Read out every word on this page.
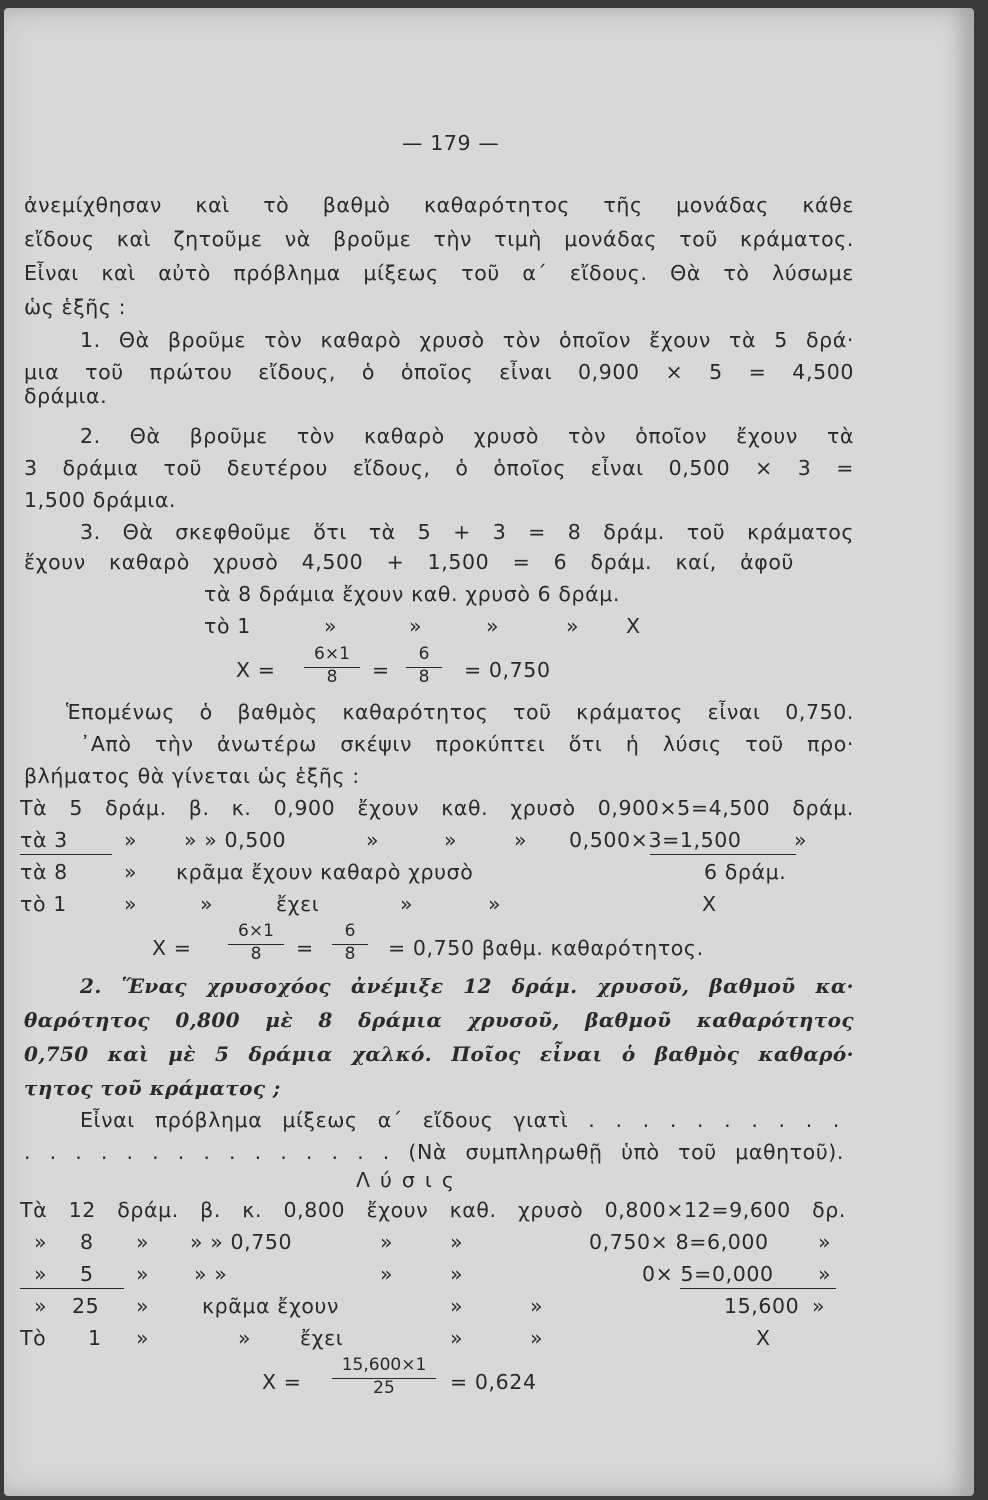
— 179 —
ἀνεμίχθησαν καὶ τὸ βαθμὸ καθαρότητος τῆς μονάδας κάθε
εἴδους καὶ ζητοῦμε νὰ βροῦμε τὴν τιμὴ μονάδας τοῦ κράματος.
Εἶναι καὶ αὐτὸ πρόβλημα μίξεως τοῦ α΄ εἴδους. Θὰ τὸ λύσωμε
ὡς ἑξῆς :
1. Θὰ βροῦμε τὸν καθαρὸ χρυσὸ τὸν ὁποῖον ἔχουν τὰ 5 δρά·
μια τοῦ πρώτου εἴδους, ὁ ὁποῖος εἶναι 0,900 × 5 = 4,500
δράμια.
2. Θὰ βροῦμε τὸν καθαρὸ χρυσὸ τὸν ὁποῖον ἔχουν τὰ
3 δράμια τοῦ δευτέρου εἴδους, ὁ ὁποῖος εἶναι 0,500 × 3 =
1,500 δράμια.
3. Θὰ σκεφθοῦμε ὅτι τὰ 5 + 3 = 8 δράμ. τοῦ κράματος
ἔχουν καθαρὸ χρυσὸ 4,500 + 1,500 = 6 δράμ. καί, ἀφοῦ
τὰ 8 δράμια ἔχουν καθ. χρυσὸ 6 δράμ.
τὸ 1	»	»	»	» X
X =
6×1
8	=
6
8	= 0,750
Ἑπομένως ὁ βαθμὸς καθαρότητος τοῦ κράματος εἶναι 0,750.
᾿Απὸ τὴν ἀνωτέρω σκέψιν προκύπτει ὅτι ἡ λύσις τοῦ προ·
βλήματος θὰ γίνεται ὡς ἑξῆς :
Τὰ 5 δράμ. β. κ. 0,900 ἔχουν καθ. χρυσὸ 0,900×5=4,500 δράμ.
τὰ 3	» » » 0,500	»	»	» 0,500×3=1,500	»
τὰ 8	» κρᾶμα ἔχουν καθαρὸ χρυσὸ	6 δράμ.
τὸ 1	»	»	ἔχει	»	»	X
X =
6×1
8	=
6
8	= 0,750 βαθμ. καθαρότητος.
2. Ἕνας χρυσοχόος ἀνέμιξε 12 δράμ. χρυσοῦ, βαθμοῦ κα·
θαρότητος 0,800 μὲ 8 δράμια χρυσοῦ, βαθμοῦ καθαρότητος
0,750 καὶ μὲ 5 δράμια χαλκό. Ποῖος εἶναι ὁ βαθμὸς καθαρό·
τητος τοῦ κράματος ;
Εἶναι πρόβλημα μίξεως α΄ εἴδους γιατὶ . . . . . . . . . .
. . . . . . . . . . . . . . . (Νὰ συμπληρωθῇ ὑπὸ τοῦ μαθητοῦ).
Λύσις
Τὰ 12 δράμ. β. κ. 0,800 ἔχουν καθ. χρυσὸ 0,800×12=9,600 δρ.
» 8 » » » 0,750	»	»	0,750× 8=6,000 »
» 5 » » »	»	»	0× 5=0,000 »
» 25 »	κρᾶμα ἔχουν	»	»	15,600 »
Τὸ 1 »	» ἔχει	»	»	X
X =
15,600×1
25	= 0,624
